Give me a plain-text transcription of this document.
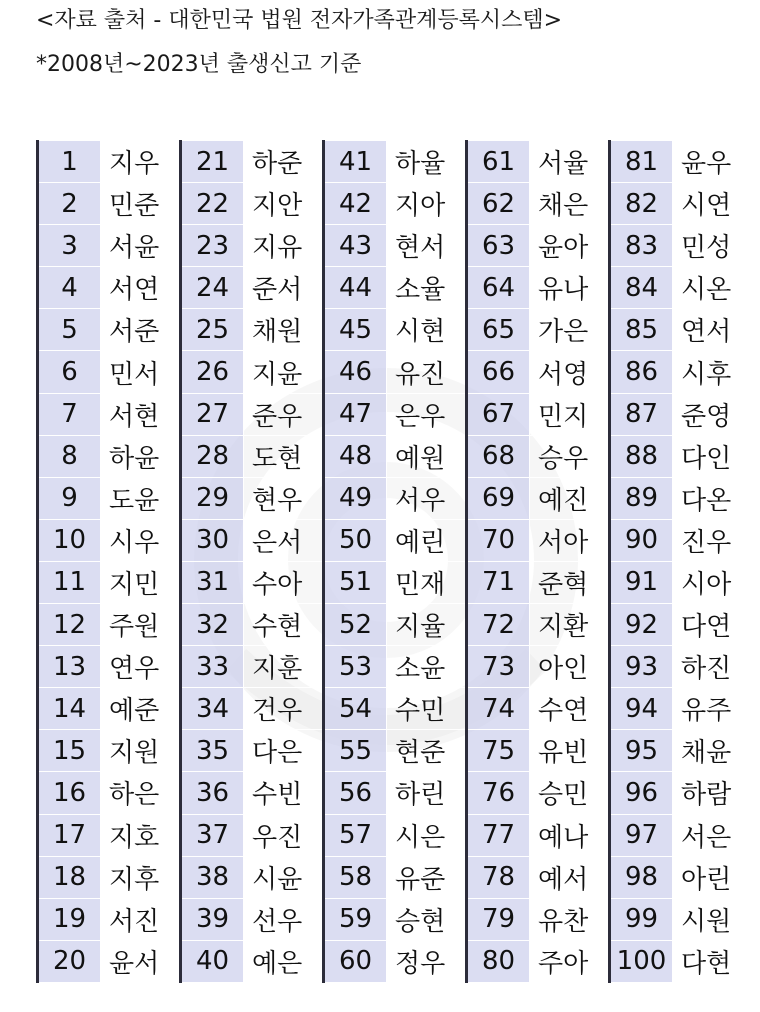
<자료 출처 - 대한민국 법원 전자가족관계등록시스템>
*2008년~2023년 출생신고 기준
1	지우	21	하준	41	하율	61	서율	81	윤우
2	민준	22	지안	42	지아	62	채은	82	시연
3	서윤	23	지유	43	현서	63	윤아	83	민성
4	서연	24	준서	44	소율	64	유나	84	시온
5	서준	25	채원	45	시현	65	가은	85	연서
6	민서	26	지윤	46	유진	66	서영	86	시후
7	서현	27	준우	47	은우	67	민지	87	준영
8	하윤	28	도현	48	예원	68	승우	88	다인
9	도윤	29	현우	49	서우	69	예진	89	다온
10	시우	30	은서	50	예린	70	서아	90	진우
11	지민	31	수아	51	민재	71	준혁	91	시아
12	주원	32	수현	52	지율	72	지환	92	다연
13	연우	33	지훈	53	소윤	73	아인	93	하진
14	예준	34	건우	54	수민	74	수연	94	유주
15	지원	35	다은	55	현준	75	유빈	95	채윤
16	하은	36	수빈	56	하린	76	승민	96	하람
17	지호	37	우진	57	시은	77	예나	97	서은
18	지후	38	시윤	58	유준	78	예서	98	아린
19	서진	39	선우	59	승현	79	유찬	99	시원
20	윤서	40	예은	60	정우	80	주아	100	다현
